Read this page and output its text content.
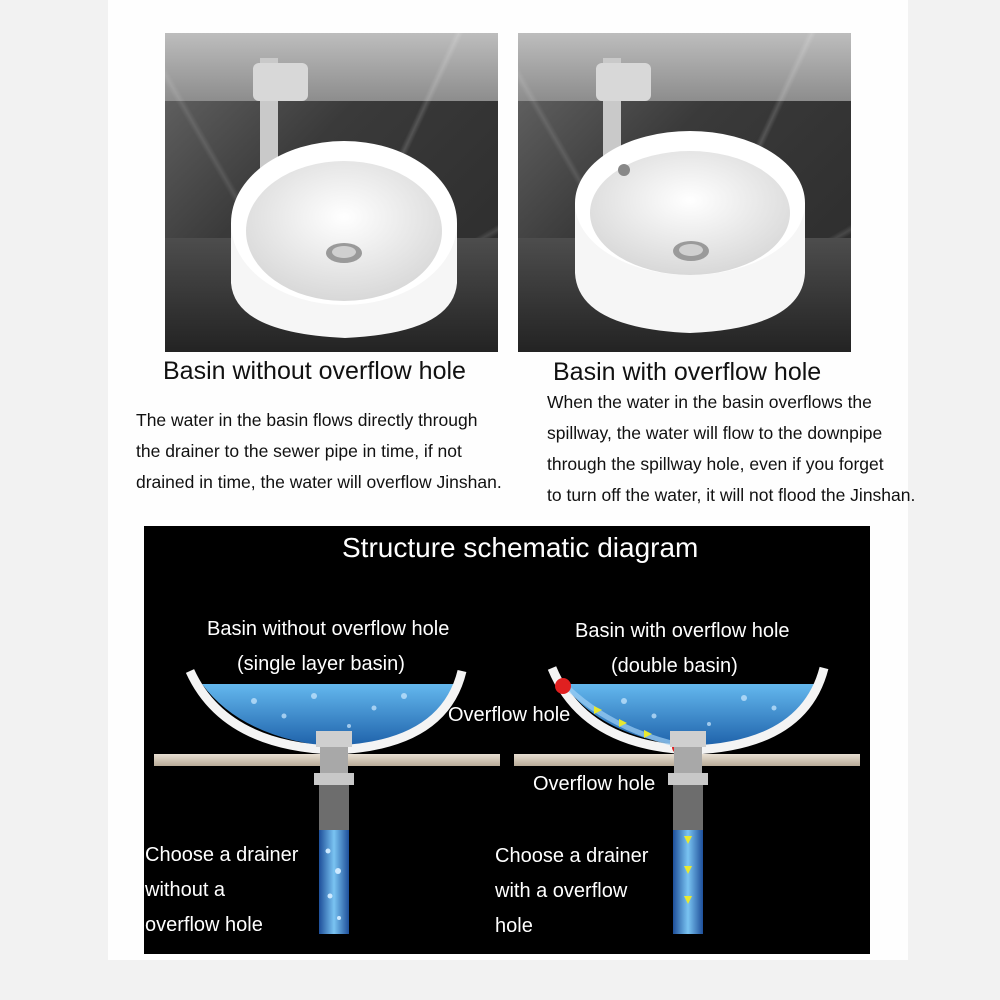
Basin without overflow hole	Basin with overflow hole
The water in the basin flows directly through
the drainer to the sewer pipe in time, if not
drained in time, the water will overflow Jinshan.
When the water in the basin overflows the
spillway, the water will flow to the downpipe
through the spillway hole, even if you forget
to turn off the water, it will not flood the Jinshan.
Structure schematic diagram
Basin without overflow hole
(single layer basin)
Basin with overflow hole
(double basin)
Overflow hole
Overflow hole
Choose a drainer
without a
overflow hole
Choose a drainer
with a overflow
hole
